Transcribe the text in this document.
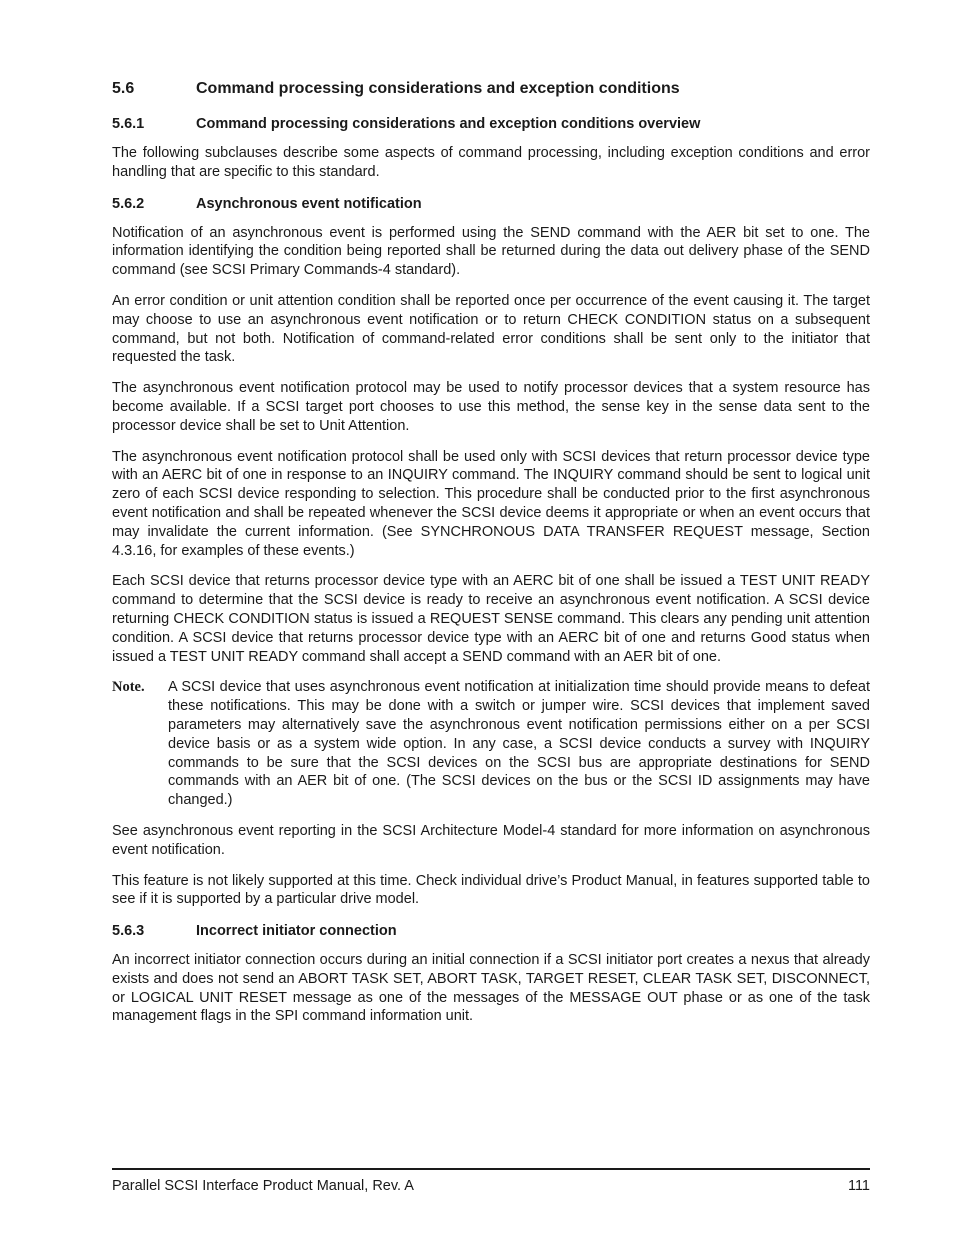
5.6	Command processing considerations and exception conditions
5.6.1	Command processing considerations and exception conditions overview

The following subclauses describe some aspects of command processing, including exception conditions and error handling that are specific to this standard.

5.6.2	Asynchronous event notification

Notification of an asynchronous event is performed using the SEND command with the AER bit set to one. The information identifying the condition being reported shall be returned during the data out delivery phase of the SEND command (see SCSI Primary Commands-4 standard).

An error condition or unit attention condition shall be reported once per occurrence of the event causing it. The target may choose to use an asynchronous event notification or to return CHECK CONDITION status on a subsequent command, but not both. Notification of command-related error conditions shall be sent only to the initiator that requested the task.

The asynchronous event notification protocol may be used to notify processor devices that a system resource has become available. If a SCSI target port chooses to use this method, the sense key in the sense data sent to the processor device shall be set to Unit Attention.

The asynchronous event notification protocol shall be used only with SCSI devices that return processor device type with an AERC bit of one in response to an INQUIRY command. The INQUIRY command should be sent to logical unit zero of each SCSI device responding to selection. This procedure shall be conducted prior to the first asynchronous event notification and shall be repeated whenever the SCSI device deems it appropriate or when an event occurs that may invalidate the current information. (See SYNCHRONOUS DATA TRANSFER REQUEST message, Section 4.3.16, for examples of these events.)

Each SCSI device that returns processor device type with an AERC bit of one shall be issued a TEST UNIT READY command to determine that the SCSI device is ready to receive an asynchronous event notification. A SCSI device returning CHECK CONDITION status is issued a REQUEST SENSE command. This clears any pending unit attention condition. A SCSI device that returns processor device type with an AERC bit of one and returns Good status when issued a TEST UNIT READY command shall accept a SEND command with an AER bit of one.

Note.	A SCSI device that uses asynchronous event notification at initialization time should provide means to defeat these notifications. This may be done with a switch or jumper wire. SCSI devices that implement saved parameters may alternatively save the asynchronous event notification permissions either on a per SCSI device basis or as a system wide option. In any case, a SCSI device conducts a survey with INQUIRY commands to be sure that the SCSI devices on the SCSI bus are appropriate destinations for SEND commands with an AER bit of one. (The SCSI devices on the bus or the SCSI ID assignments may have changed.)

See asynchronous event reporting in the SCSI Architecture Model-4 standard for more information on asynchronous event notification.

This feature is not likely supported at this time. Check individual drive’s Product Manual, in features supported table to see if it is supported by a particular drive model.

5.6.3	Incorrect initiator connection

An incorrect initiator connection occurs during an initial connection if a SCSI initiator port creates a nexus that already exists and does not send an ABORT TASK SET, ABORT TASK, TARGET RESET, CLEAR TASK SET, DISCONNECT, or LOGICAL UNIT RESET message as one of the messages of the MESSAGE OUT phase or as one of the task management flags in the SPI command information unit.

Parallel SCSI Interface Product Manual, Rev. A	111
